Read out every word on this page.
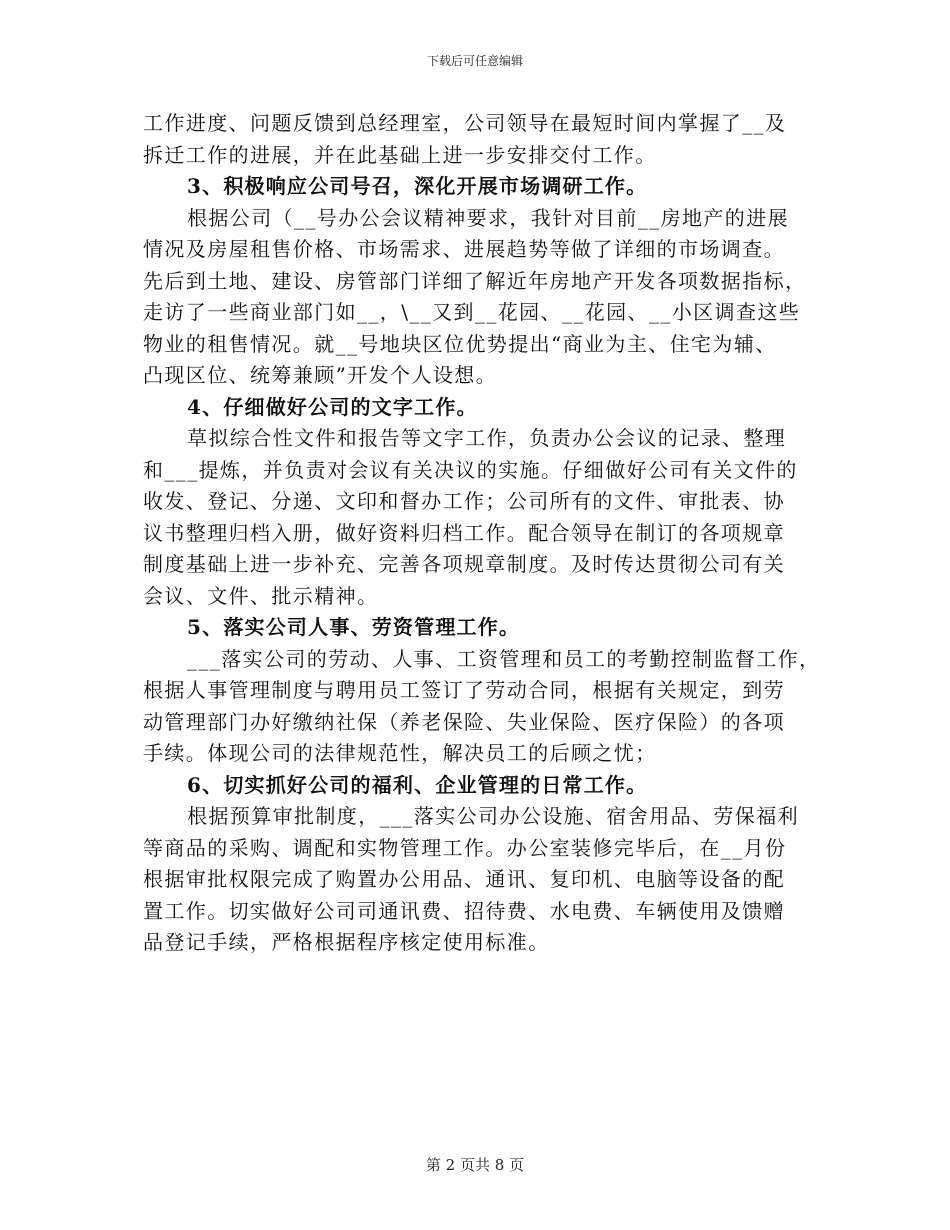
下载后可任意编辑
工作进度、问题反馈到总经理室，公司领导在最短时间内掌握了__及
拆迁工作的进展，并在此基础上进一步安排交付工作。
3、积极响应公司号召，深化开展市场调研工作。
根据公司（__号办公会议精神要求，我针对目前__房地产的进展
情况及房屋租售价格、市场需求、进展趋势等做了详细的市场调查。
先后到土地、建设、房管部门详细了解近年房地产开发各项数据指标，
走访了一些商业部门如__，\__又到__花园、__花园、__小区调查这些
物业的租售情况。就__号地块区位优势提出“商业为主、住宅为辅、
凸现区位、统筹兼顾”开发个人设想。
4、仔细做好公司的文字工作。
草拟综合性文件和报告等文字工作，负责办公会议的记录、整理
和___提炼，并负责对会议有关决议的实施。仔细做好公司有关文件的
收发、登记、分递、文印和督办工作；公司所有的文件、审批表、协
议书整理归档入册，做好资料归档工作。配合领导在制订的各项规章
制度基础上进一步补充、完善各项规章制度。及时传达贯彻公司有关
会议、文件、批示精神。
5、落实公司人事、劳资管理工作。
___落实公司的劳动、人事、工资管理和员工的考勤控制监督工作，
根据人事管理制度与聘用员工签订了劳动合同，根据有关规定，到劳
动管理部门办好缴纳社保（养老保险、失业保险、医疗保险）的各项
手续。体现公司的法律规范性，解决员工的后顾之忧；
6、切实抓好公司的福利、企业管理的日常工作。
根据预算审批制度，___落实公司办公设施、宿舍用品、劳保福利
等商品的采购、调配和实物管理工作。办公室装修完毕后，在__月份
根据审批权限完成了购置办公用品、通讯、复印机、电脑等设备的配
置工作。切实做好公司司通讯费、招待费、水电费、车辆使用及馈赠
品登记手续，严格根据程序核定使用标准。
第 2 页共 8 页
